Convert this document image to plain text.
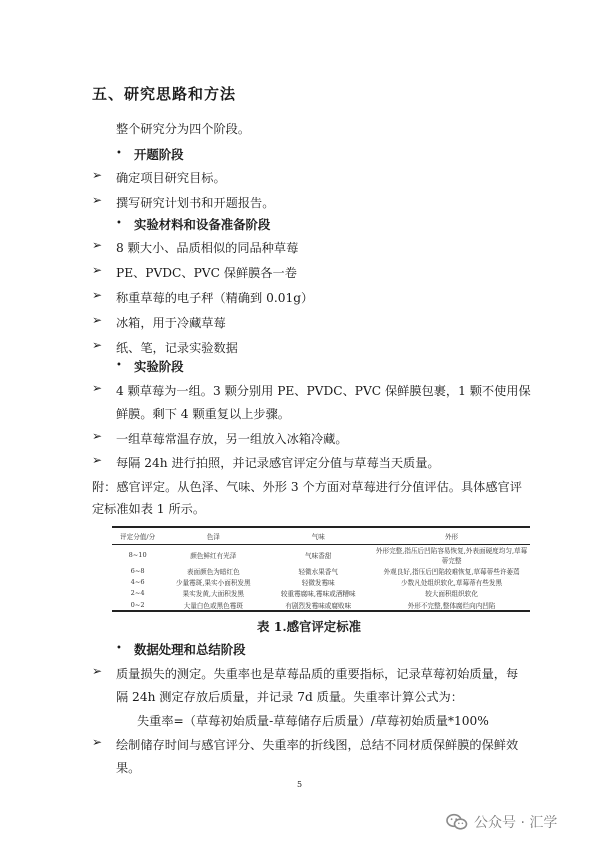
五、研究思路和方法
整个研究分为四个阶段。
• 开题阶段
➢ 确定项目研究目标。
➢ 撰写研究计划书和开题报告。
• 实验材料和设备准备阶段
➢ 8 颗大小、品质相似的同品种草莓
➢ PE、PVDC、PVC 保鲜膜各一卷
➢ 称重草莓的电子秤（精确到 0.01g）
➢ 冰箱，用于冷藏草莓
➢ 纸、笔，记录实验数据
• 实验阶段
➢ 4 颗草莓为一组。3 颗分别用 PE、PVDC、PVC 保鲜膜包裹，1 颗不使用保
鲜膜。剩下 4 颗重复以上步骤。
➢ 一组草莓常温存放，另一组放入冰箱冷藏。
➢ 每隔 24h 进行拍照，并记录感官评定分值与草莓当天质量。
附：感官评定。从色泽、气味、外形 3 个方面对草莓进行分值评估。具体感官评
定标准如表 1 所示。
评定分值/分	色泽	气味	外形
8~10	颜色鲜红有光泽	气味香甜	外形完整,指压后凹陷容易恢复,外表面硬度均匀,草莓蒂完整
6~8	表面颜色为暗红色	轻微水果香气	外观良好,指压后凹陷较难恢复,草莓蒂些许萎蔫
4~6	少量霉斑,果实小面积发黑	轻微发霉味	少数凡处组织软化,草莓蒂有些发黑
2~4	果实发黄,大面积发黑	较重霉腐味,霉味或酒糟味	较大面积组织软化
0~2	大量白色或黑色霉斑	有剧烈发霉味或腐败味	外形不完整,整体腐烂向内凹陷
表 1.感官评定标准
• 数据处理和总结阶段
➢ 质量损失的测定。失重率也是草莓品质的重要指标，记录草莓初始质量，每
隔 24h 测定存放后质量，并记录 7d 质量。失重率计算公式为：
失重率=（草莓初始质量-草莓储存后质量）/草莓初始质量*100%
➢ 绘制储存时间与感官评分、失重率的折线图，总结不同材质保鲜膜的保鲜效
果。
5
公众号 · 汇学
